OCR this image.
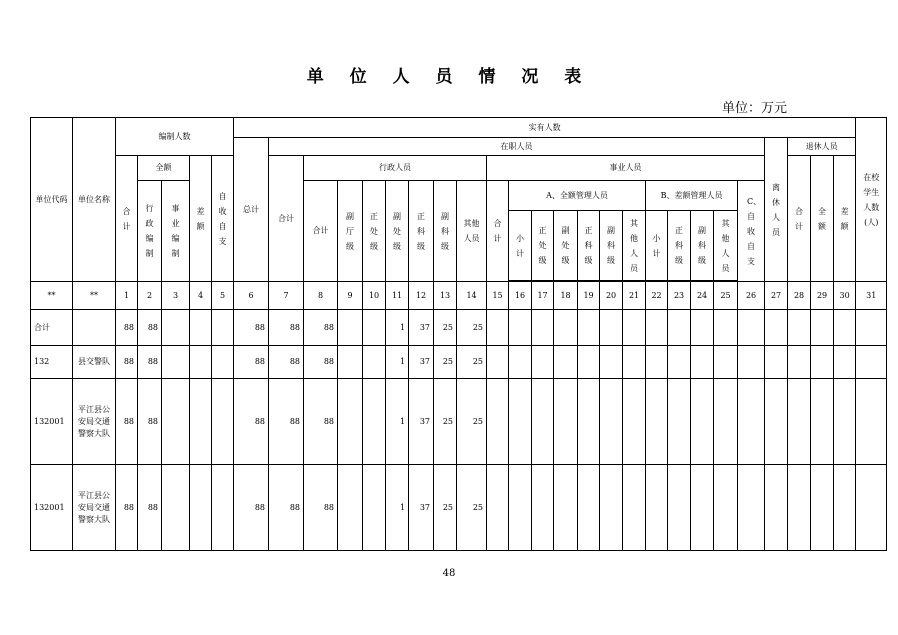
单 位 人 员 情 况 表
单位：万元
单位代码	单位名称	编制人数					实有人数																									在校学生人数(人)

							总计	在职人员																				离休人员	退休人员			

		合计	全额		差额	自收自支		合计	行政人员							事业人员													合计	全额	差额	

			行政编制	事业编制					合计	副厅级	正处级	副处级	正科级	副科级	其他人员	合计	A、全额管理人员						B、差额管理人员				C、自收自支					

																	小计	正处级	副处级	正科级	副科级	其他人员	小计	正科级	副科级	其他人员						

**	**	1	2	3	4	5	6	7	8	9	10	11	12	13	14	15	16	17	18	19	20	21	22	23	24	25	26	27	28	29	30	31
合计		88	88				88	88	88			1	37	25	25																	
132	县交警队	88	88				88	88	88			1	37	25	25																	
132001	平江县公安局交通警察大队	88	88				88	88	88			1	37	25	25																	
132001	平江县公安局交通警察大队	88	88				88	88	88			1	37	25	25																	
48
